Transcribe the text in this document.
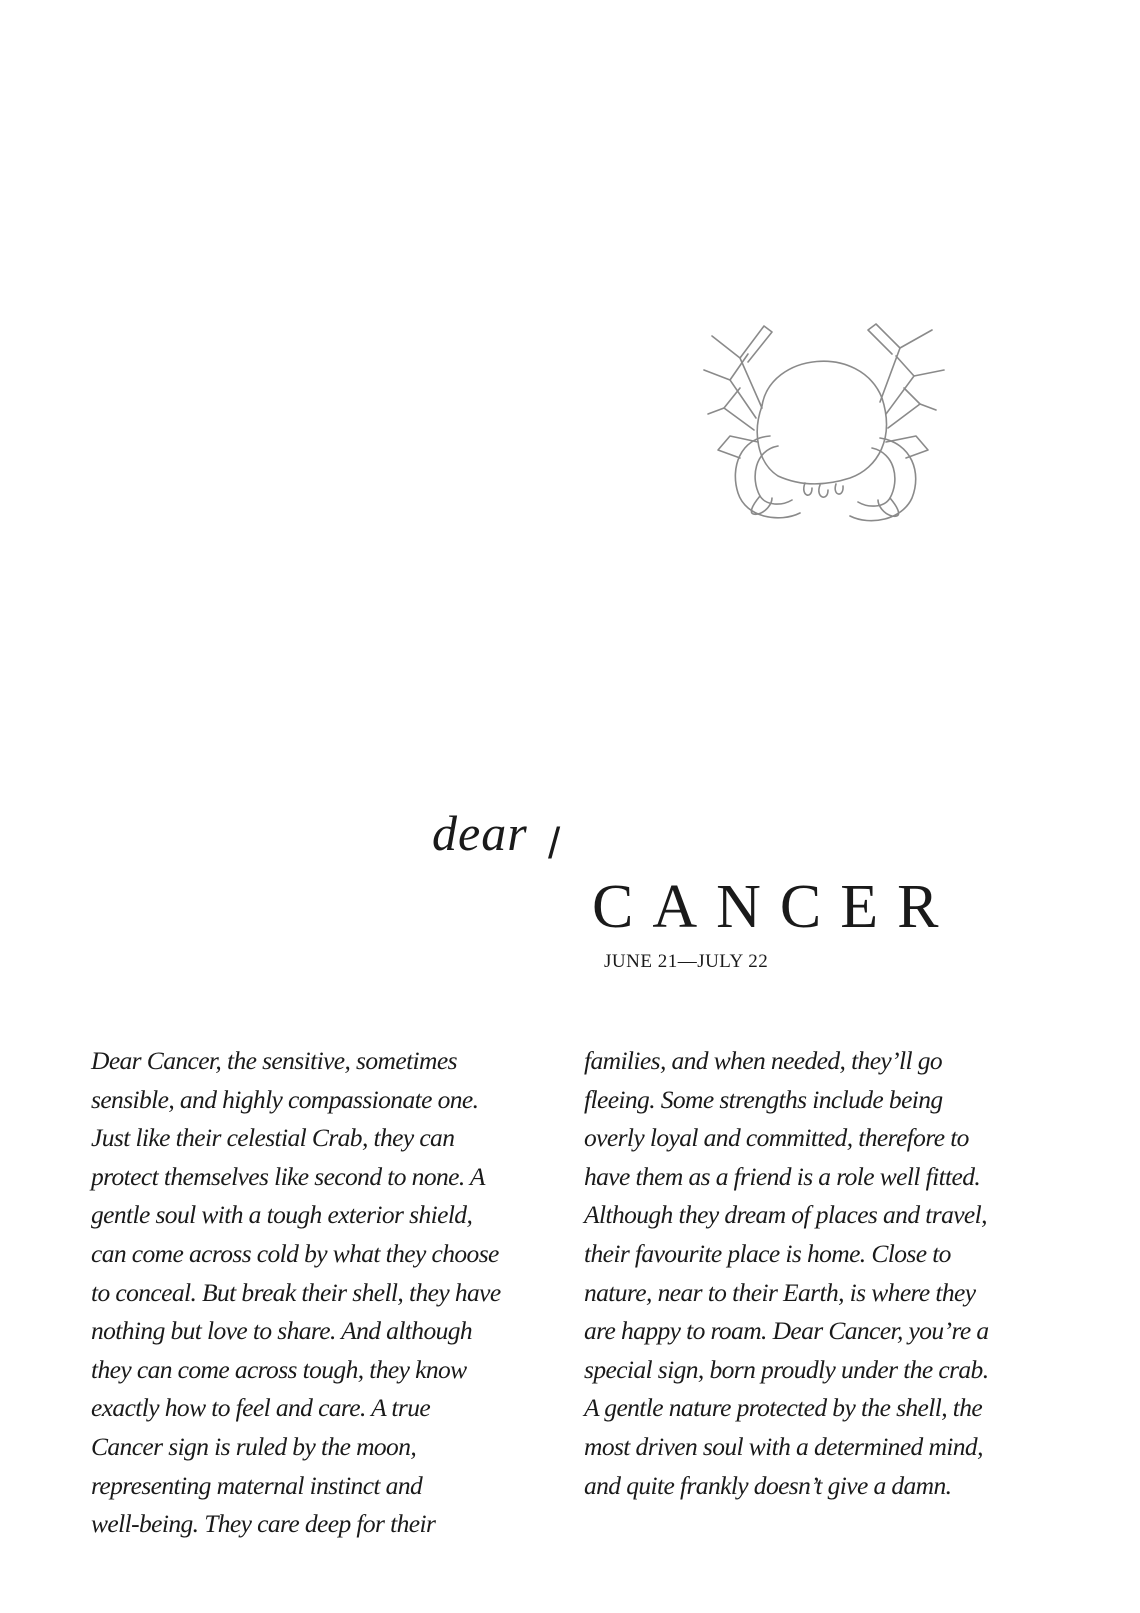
dear /
CANCER
JUNE 21—JULY 22
Dear Cancer, the sensitive, sometimes
sensible, and highly compassionate one.
Just like their celestial Crab, they can
protect themselves like second to none. A
gentle soul with a tough exterior shield,
can come across cold by what they choose
to conceal. But break their shell, they have
nothing but love to share. And although
they can come across tough, they know
exactly how to feel and care. A true
Cancer sign is ruled by the moon,
representing maternal instinct and
well-being. They care deep for their
families, and when needed, they’ll go
fleeing. Some strengths include being
overly loyal and committed, therefore to
have them as a friend is a role well fitted.
Although they dream of places and travel,
their favourite place is home. Close to
nature, near to their Earth, is where they
are happy to roam. Dear Cancer, you’re a
special sign, born proudly under the crab.
A gentle nature protected by the shell, the
most driven soul with a determined mind,
and quite frankly doesn’t give a damn.
